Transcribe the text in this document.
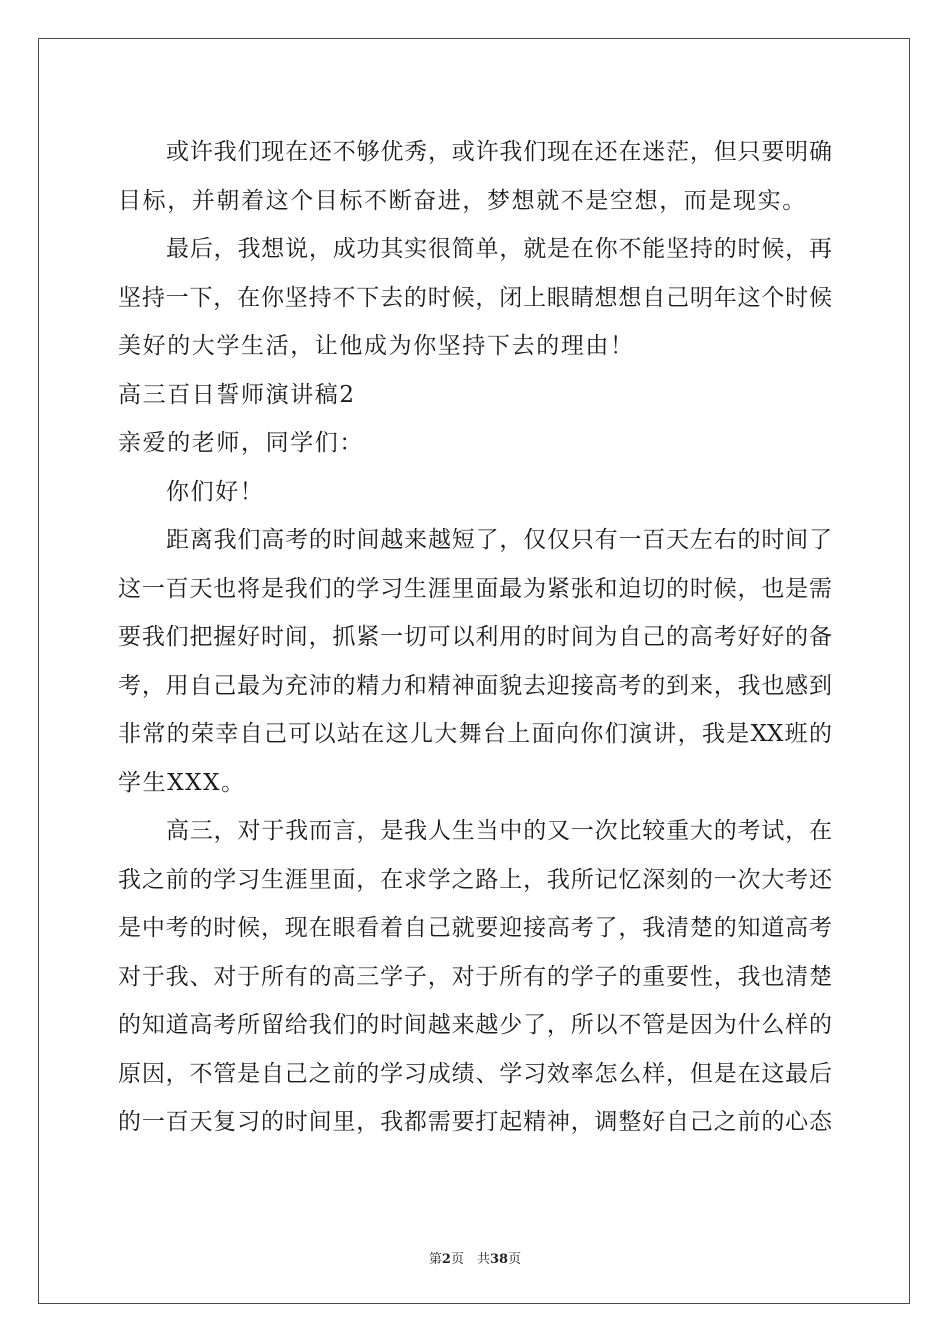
或许我们现在还不够优秀，或许我们现在还在迷茫，但只要明确
目标，并朝着这个目标不断奋进，梦想就不是空想，而是现实。
最后，我想说，成功其实很简单，就是在你不能坚持的时候，再
坚持一下，在你坚持不下去的时候，闭上眼睛想想自己明年这个时候
美好的大学生活，让他成为你坚持下去的理由！
高三百日誓师演讲稿2
亲爱的老师，同学们：
你们好！
距离我们高考的时间越来越短了，仅仅只有一百天左右的时间了
这一百天也将是我们的学习生涯里面最为紧张和迫切的时候，也是需
要我们把握好时间，抓紧一切可以利用的时间为自己的高考好好的备
考，用自己最为充沛的精力和精神面貌去迎接高考的到来，我也感到
非常的荣幸自己可以站在这儿大舞台上面向你们演讲，我是XX班的
学生XXX。
高三，对于我而言，是我人生当中的又一次比较重大的考试，在
我之前的学习生涯里面，在求学之路上，我所记忆深刻的一次大考还
是中考的时候，现在眼看着自己就要迎接高考了，我清楚的知道高考
对于我、对于所有的高三学子，对于所有的学子的重要性，我也清楚
的知道高考所留给我们的时间越来越少了，所以不管是因为什么样的
原因，不管是自己之前的学习成绩、学习效率怎么样，但是在这最后
的一百天复习的时间里，我都需要打起精神，调整好自己之前的心态
第2页　 共38页
